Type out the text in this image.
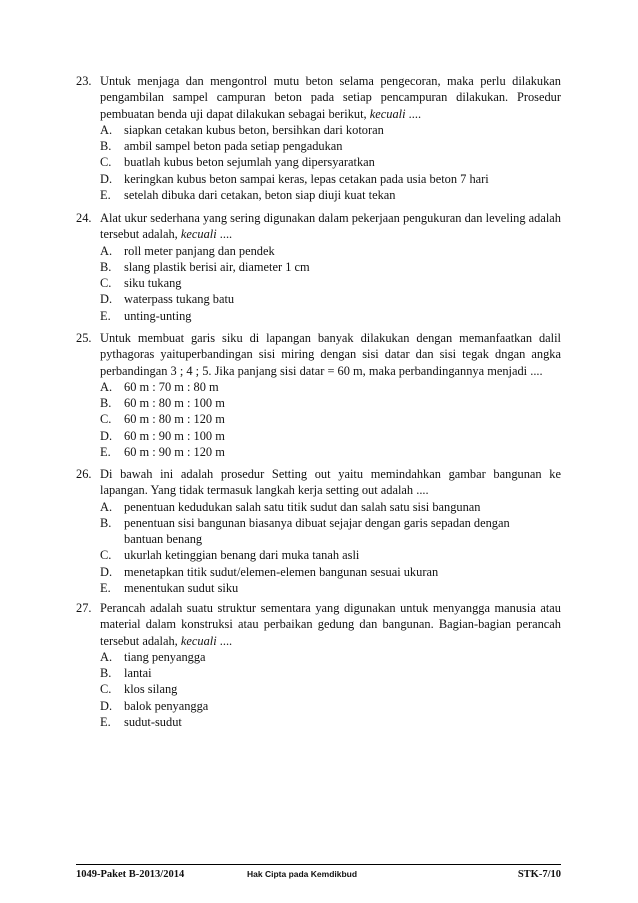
23. Untuk menjaga dan mengontrol mutu beton selama pengecoran, maka perlu dilakukan pengambilan sampel campuran beton pada setiap pencampuran dilakukan. Prosedur pembuatan benda uji dapat dilakukan sebagai berikut, kecuali ....
A. siapkan cetakan kubus beton, bersihkan dari kotoran
B. ambil sampel beton pada setiap pengadukan
C. buatlah kubus beton sejumlah yang dipersyaratkan
D. keringkan kubus beton sampai keras, lepas cetakan pada usia beton 7 hari
E. setelah dibuka dari cetakan, beton siap diuji kuat tekan
24. Alat ukur sederhana yang sering digunakan dalam pekerjaan pengukuran dan leveling adalah tersebut adalah, kecuali ....
A. roll meter panjang dan pendek
B. slang plastik berisi air, diameter 1 cm
C. siku tukang
D. waterpass tukang batu
E. unting-unting
25. Untuk membuat garis siku di lapangan banyak dilakukan dengan memanfaatkan dalil pythagoras yaituperbandingan sisi miring dengan sisi datar dan sisi tegak dngan angka perbandingan 3 ; 4 ; 5. Jika panjang sisi datar = 60 m, maka perbandingannya menjadi ....
A. 60 m : 70 m : 80 m
B. 60 m : 80 m : 100 m
C. 60 m : 80 m : 120 m
D. 60 m : 90 m : 100 m
E. 60 m : 90 m : 120 m
26. Di bawah ini adalah prosedur Setting out yaitu memindahkan gambar bangunan ke lapangan. Yang tidak termasuk langkah kerja setting out adalah ....
A. penentuan kedudukan salah satu titik sudut dan salah satu sisi bangunan
B. penentuan sisi bangunan biasanya dibuat sejajar dengan garis sepadan dengan bantuan benang
C. ukurlah ketinggian benang dari muka tanah asli
D. menetapkan titik sudut/elemen-elemen bangunan sesuai ukuran
E. menentukan sudut siku
27. Perancah adalah suatu struktur sementara yang digunakan untuk menyangga manusia atau material dalam konstruksi atau perbaikan gedung dan bangunan. Bagian-bagian perancah tersebut adalah, kecuali ....
A. tiang penyangga
B. lantai
C. klos silang
D. balok penyangga
E. sudut-sudut
1049-Paket B-2013/2014	Hak Cipta pada Kemdikbud	STK-7/10
